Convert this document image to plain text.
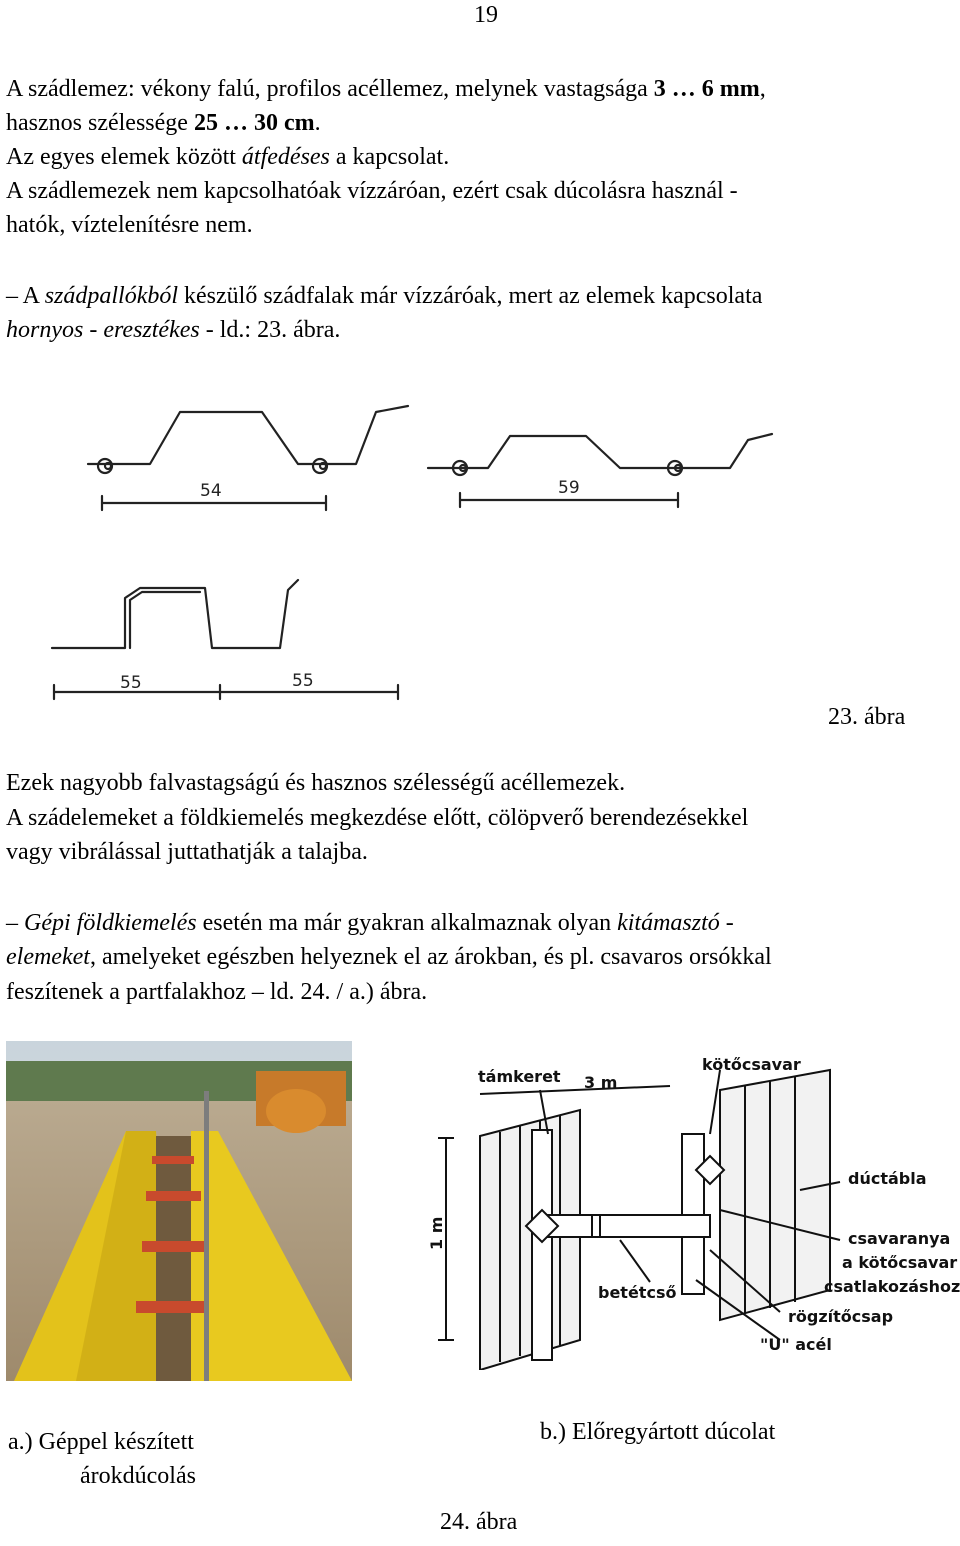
19
A szádlemez: vékony falú, profilos acéllemez, melynek vastagsága 3 … 6 mm,
hasznos szélessége 25 … 30 cm.
Az egyes elemek között átfedéses a kapcsolat.
A szádlemezek nem kapcsolhatóak vízzáróan, ezért csak dúcolásra használ -
hatók, víztelenítésre nem.
– A szádpallókból készülő szádfalak már vízzáróak, mert az elemek kapcsolata
hornyos - eresztékes - ld.: 23. ábra.
54	59
55	55
23. ábra
Ezek nagyobb falvastagságú és hasznos szélességű acéllemezek.
A szádelemeket a földkiemelés megkezdése előtt, cölöpverő berendezésekkel
vagy vibrálással juttathatják a talajba.
– Gépi földkiemelés esetén ma már gyakran alkalmaznak olyan kitámasztó -
elemeket, amelyeket egészben helyeznek el az árokban, és pl. csavaros orsókkal
feszítenek a partfalakhoz – ld. 24. / a.) ábra.
támkeret 3 m
kötőcsavar
dúctábla
csavaranya
a kötőcsavar
csatlakozáshoz
betétcső
rögzítőcsap
"U" acél
1 m
a.) Géppel készített
árokdúcolás
b.) Előregyártott dúcolat
24. ábra
